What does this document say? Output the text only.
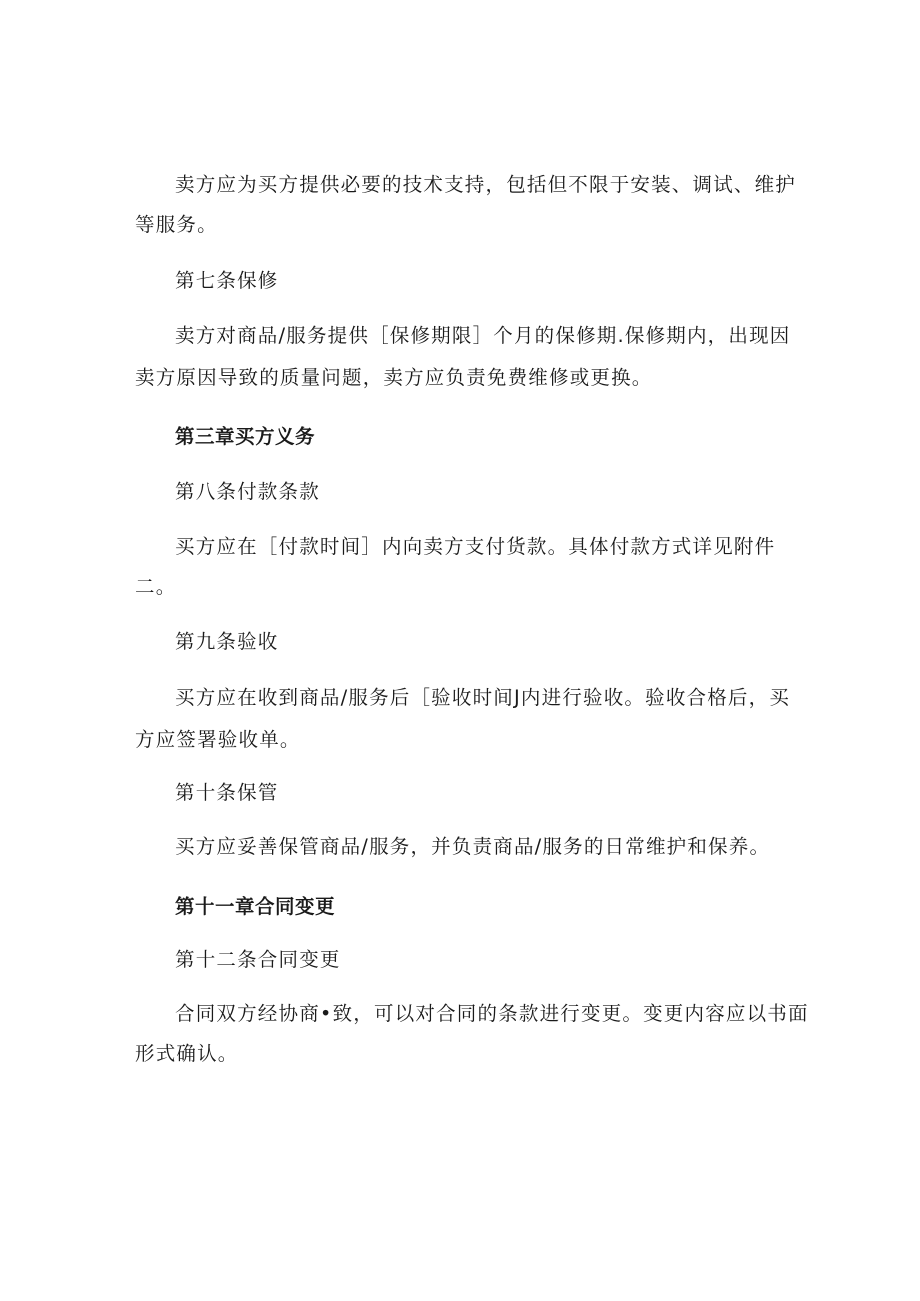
卖方应为买方提供必要的技术支持，包括但不限于安装、调试、维护
等服务。
第七条保修
卖方对商品/服务提供［保修期限］个月的保修期.保修期内，出现因
卖方原因导致的质量问题，卖方应负责免费维修或更换。
第三章买方义务
第八条付款条款
买方应在［付款时间］内向卖方支付货款。具体付款方式详见附件
二。
第九条验收
买方应在收到商品/服务后［验收时间J内进行验收。验收合格后，买
方应签署验收单。
第十条保管
买方应妥善保管商品/服务，并负责商品/服务的日常维护和保养。
第十一章合同变更
第十二条合同变更
合同双方经协商•致，可以对合同的条款进行变更。变更内容应以书面
形式确认。
